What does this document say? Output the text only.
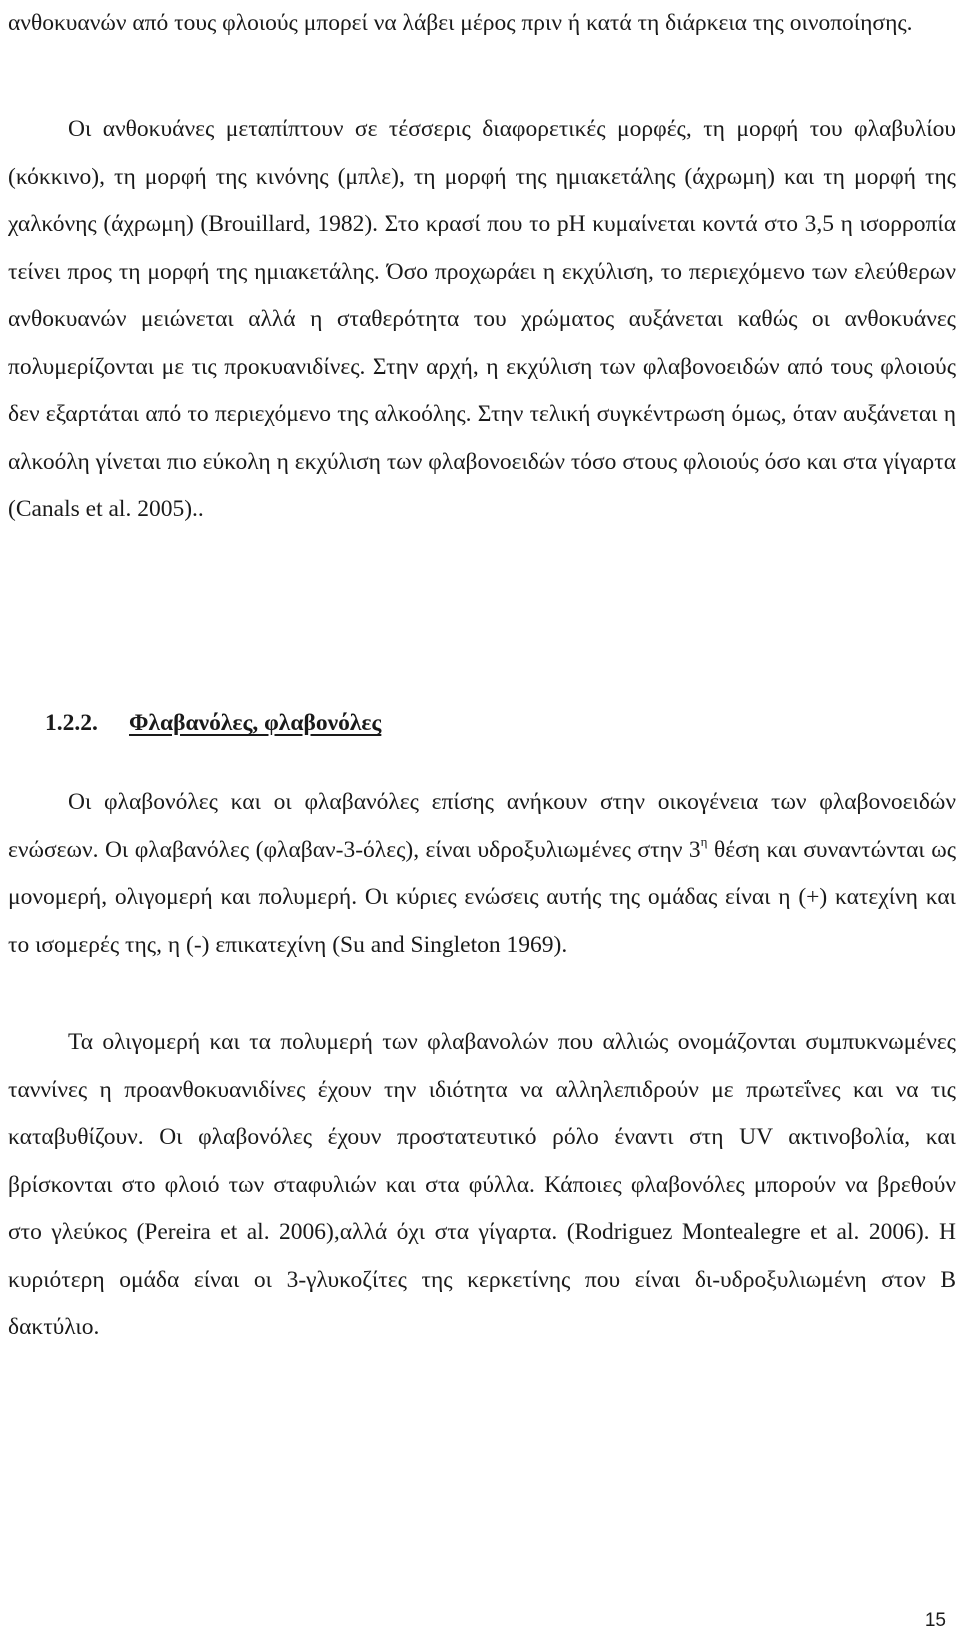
ανθοκυανών από τους φλοιούς μπορεί να λάβει μέρος πριν ή κατά τη διάρκεια της οινοποίησης.

Οι ανθοκυάνες μεταπίπτουν σε τέσσερις διαφορετικές μορφές, τη μορφή του φλαβυλίου (κόκκινο), τη μορφή της κινόνης (μπλε), τη μορφή της ημιακετάλης (άχρωμη) και τη μορφή της χαλκόνης (άχρωμη) (Brouillard, 1982). Στο κρασί που το pH κυμαίνεται κοντά στο 3,5 η ισορροπία τείνει προς τη μορφή της ημιακετάλης. Όσο προχωράει η εκχύλιση, το περιεχόμενο των ελεύθερων ανθοκυανών μειώνεται αλλά η σταθερότητα του χρώματος αυξάνεται καθώς οι ανθοκυάνες πολυμερίζονται με τις προκυανιδίνες. Στην αρχή, η εκχύλιση των φλαβονοειδών από τους φλοιούς δεν εξαρτάται από το περιεχόμενο της αλκοόλης. Στην τελική συγκέντρωση όμως, όταν αυξάνεται η αλκοόλη γίνεται πιο εύκολη η εκχύλιση των φλαβονοειδών τόσο στους φλοιούς όσο και στα γίγαρτα (Canals et al. 2005)..

1.2.2. Φλαβανόλες, φλαβονόλες

Οι φλαβονόλες και οι φλαβανόλες επίσης ανήκουν στην οικογένεια των φλαβονοειδών ενώσεων. Οι φλαβανόλες (φλαβαν-3-όλες), είναι υδροξυλιωμένες στην $3^\eta$ θέση και συναντώνται ως μονομερή, ολιγομερή και πολυμερή. Οι κύριες ενώσεις αυτής της ομάδας είναι η (+) κατεχίνη και το ισομερές της, η (-) επικατεχίνη (Su and Singleton 1969).

Τα ολιγομερή και τα πολυμερή των φλαβανολών που αλλιώς ονομάζονται συμπυκνωμένες ταννίνες η προανθοκυανιδίνες έχουν την ιδιότητα να αλληλεπιδρούν με πρωτεΐνες και να τις καταβυθίζουν. Οι φλαβονόλες έχουν προστατευτικό ρόλο έναντι στη UV ακτινοβολία, και βρίσκονται στο φλοιό των σταφυλιών και στα φύλλα. Κάποιες φλαβονόλες μπορούν να βρεθούν στο γλεύκος (Pereira et al. 2006),αλλά όχι στα γίγαρτα. (Rodriguez Montealegre et al. 2006). Η κυριότερη ομάδα είναι οι 3-γλυκοζίτες της κερκετίνης που είναι δι-υδροξυλιωμένη στον Β δακτύλιο.

15
